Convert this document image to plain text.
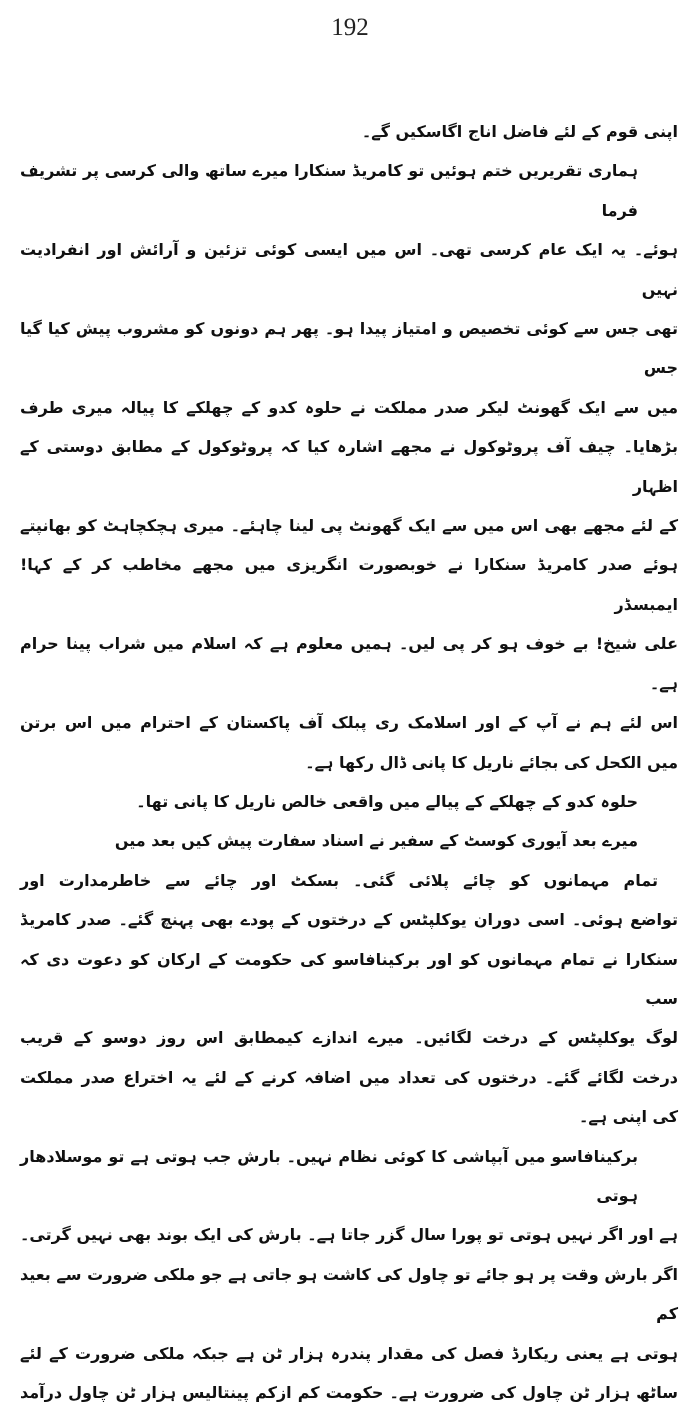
192
اپنی قوم کے لئے فاضل اناج اگاسکیں گے۔
ہماری تقریریں ختم ہوئیں تو کامریڈ سنکارا میرے ساتھ والی کرسی پر تشریف فرما
ہوئے۔ یہ ایک عام کرسی تھی۔ اس میں ایسی کوئی تزئین و آرائش اور انفرادیت نہیں
تھی جس سے کوئی تخصیص و امتیاز پیدا ہو۔ پھر ہم دونوں کو مشروب پیش کیا گیا جس
میں سے ایک گھونٹ لیکر صدر مملکت نے حلوہ کدو کے چھلکے کا پیالہ میری طرف
بڑھایا۔ چیف آف پروٹوکول نے مجھے اشارہ کیا کہ پروٹوکول کے مطابق دوستی کے اظہار
کے لئے مجھے بھی اس میں سے ایک گھونٹ پی لینا چاہئے۔ میری ہچکچاہٹ کو بھانپتے
ہوئے صدر کامریڈ سنکارا نے خوبصورت انگریزی میں مجھے مخاطب کر کے کہا! ایمبسڈر
علی شیخ! بے خوف ہو کر پی لیں۔ ہمیں معلوم ہے کہ اسلام میں شراب پینا حرام ہے۔
اس لئے ہم نے آپ کے اور اسلامک ری پبلک آف پاکستان کے احترام میں اس برتن
میں الکحل کی بجائے ناریل کا پانی ڈال رکھا ہے۔
حلوہ کدو کے چھلکے کے پیالے میں واقعی خالص ناریل کا پانی تھا۔
میرے بعد آیوری کوسٹ کے سفیر نے اسناد سفارت پیش کیں بعد میں
تمام مہمانوں کو چائے پلائی گئی۔ بسکٹ اور چائے سے خاطرمدارت اور
تواضع ہوئی۔ اسی دوران یوکلپٹس کے درختوں کے پودے بھی پہنچ گئے۔ صدر کامریڈ
سنکارا نے تمام مہمانوں کو اور برکینافاسو کی حکومت کے ارکان کو دعوت دی کہ سب
لوگ یوکلپٹس کے درخت لگائیں۔ میرے اندازے کیمطابق اس روز دوسو کے قریب
درخت لگائے گئے۔ درختوں کی تعداد میں اضافہ کرنے کے لئے یہ اختراع صدر مملکت
کی اپنی ہے۔
برکینافاسو میں آبپاشی کا کوئی نظام نہیں۔ بارش جب ہوتی ہے تو موسلادھار ہوتی
ہے اور اگر نہیں ہوتی تو پورا سال گزر جاتا ہے۔ بارش کی ایک بوند بھی نہیں گرتی۔
اگر بارش وقت پر ہو جائے تو چاول کی کاشت ہو جاتی ہے جو ملکی ضرورت سے بعید کم
ہوتی ہے یعنی ریکارڈ فصل کی مقدار پندرہ ہزار ٹن ہے جبکہ ملکی ضرورت کے لئے
ساٹھ ہزار ٹن چاول کی ضرورت ہے۔ حکومت کم ازکم پینتالیس ہزار ٹن چاول درآمد
